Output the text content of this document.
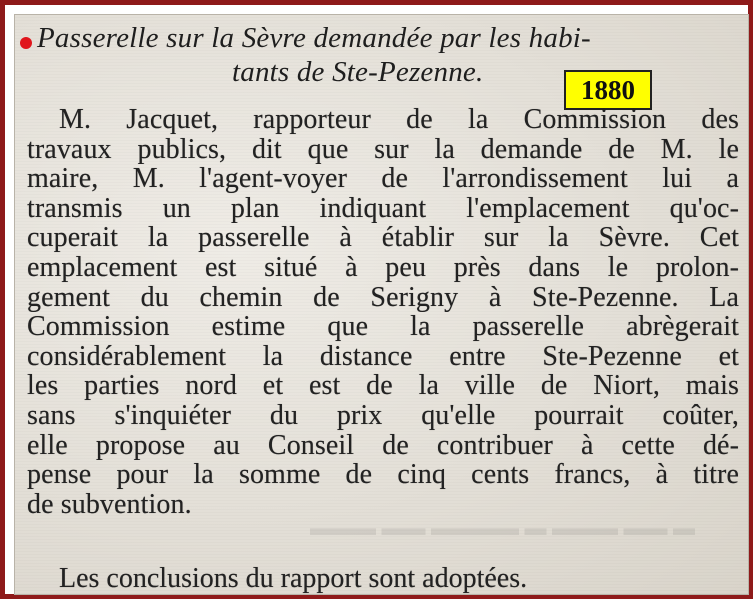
▬ ▬▬ ▬▬▬ ▬ ▬▬▬▬ ▬▬ ▬▬▬
Passerelle sur la Sèvre demandée par les habi-
tants de Ste-Pezenne.
1880
M. Jacquet, rapporteur de la Commission des
travaux publics, dit que sur la demande de M. le
maire, M. l'agent-voyer de l'arrondissement lui a
transmis un plan indiquant l'emplacement qu'oc-
cuperait la passerelle à établir sur la Sèvre. Cet
emplacement est situé à peu près dans le prolon-
gement du chemin de Serigny à Ste-Pezenne. La
Commission estime que la passerelle abrègerait
considérablement la distance entre Ste-Pezenne et
les parties nord et est de la ville de Niort, mais
sans s'inquiéter du prix qu'elle pourrait coûter,
elle propose au Conseil de contribuer à cette dé-
pense pour la somme de cinq cents francs, à titre
de subvention.
Les conclusions du rapport sont adoptées.
